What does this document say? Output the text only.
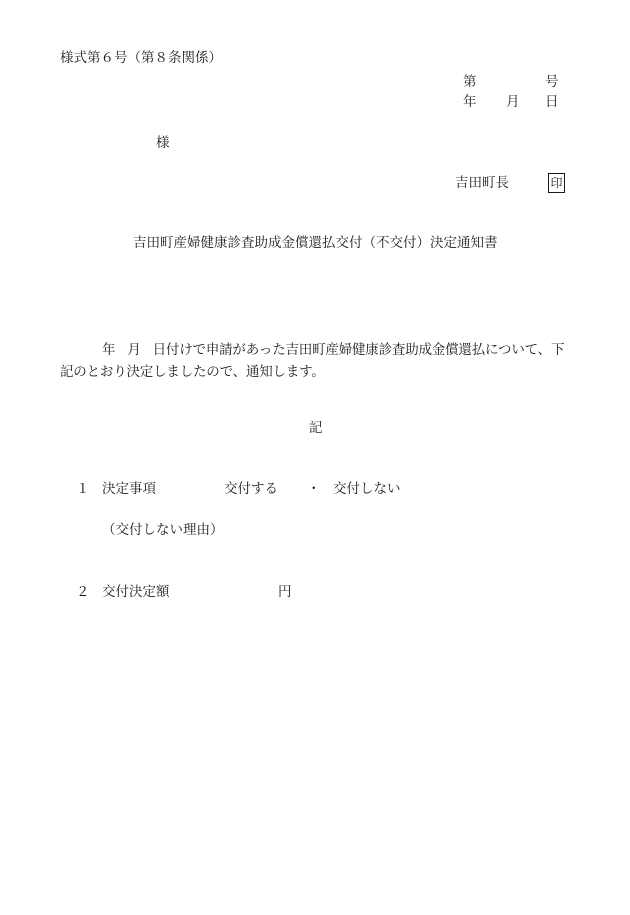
様式第６号（第８条関係）
第	号
年 月 日
様
吉田町長	印
吉田町産婦健康診査助成金償還払交付（不交付）決定通知書
年 月 日付けで申請があった吉田町産婦健康診査助成金償還払について、下記のとおり決定しましたので、通知します。
記
１ 決定事項	交付する ・ 交付しない
（交付しない理由）
２ 交付決定額	円
